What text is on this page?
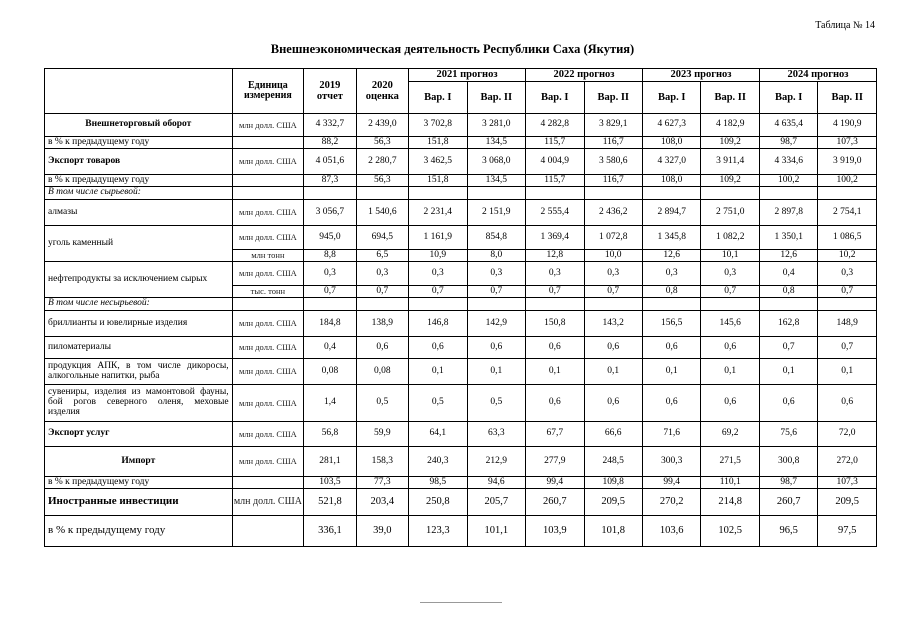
Таблица № 14
Внешнеэкономическая деятельность Республики Саха (Якутия)
	Единица измерения	2019 отчет	2020 оценка	2021 прогноз		2022 прогноз		2023 прогноз		2024 прогноз	
				Вар. I	Вар. II	Вар. I	Вар. II	Вар. I	Вар. II	Вар. I	Вар. II
Внешнеторговый оборот	млн долл. США	4 332,7	2 439,0	3 702,8	3 281,0	4 282,8	3 829,1	4 627,3	4 182,9	4 635,4	4 190,9
в % к предыдущему году		88,2	56,3	151,8	134,5	115,7	116,7	108,0	109,2	98,7	107,3
Экспорт товаров	млн долл. США	4 051,6	2 280,7	3 462,5	3 068,0	4 004,9	3 580,6	4 327,0	3 911,4	4 334,6	3 919,0
в % к предыдущему году		87,3	56,3	151,8	134,5	115,7	116,7	108,0	109,2	100,2	100,2
В том числе сырьевой:											
алмазы	млн долл. США	3 056,7	1 540,6	2 231,4	2 151,9	2 555,4	2 436,2	2 894,7	2 751,0	2 897,8	2 754,1
уголь каменный	млн долл. США	945,0	694,5	1 161,9	854,8	1 369,4	1 072,8	1 345,8	1 082,2	1 350,1	1 086,5
	млн тонн	8,8	6,5	10,9	8,0	12,8	10,0	12,6	10,1	12,6	10,2
нефтепродукты за исключением сырых	млн долл. США	0,3	0,3	0,3	0,3	0,3	0,3	0,3	0,3	0,4	0,3
	тыс. тонн	0,7	0,7	0,7	0,7	0,7	0,7	0,8	0,7	0,8	0,7
В том числе несырьевой:											
бриллианты и ювелирные изделия	млн долл. США	184,8	138,9	146,8	142,9	150,8	143,2	156,5	145,6	162,8	148,9
пиломатериалы	млн долл. США	0,4	0,6	0,6	0,6	0,6	0,6	0,6	0,6	0,7	0,7
продукция АПК, в том числе дикоросы, алкогольные напитки, рыба	млн долл. США	0,08	0,08	0,1	0,1	0,1	0,1	0,1	0,1	0,1	0,1
сувениры, изделия из мамонтовой фауны, бой рогов северного оленя, меховые изделия	млн долл. США	1,4	0,5	0,5	0,5	0,6	0,6	0,6	0,6	0,6	0,6
Экспорт услуг	млн долл. США	56,8	59,9	64,1	63,3	67,7	66,6	71,6	69,2	75,6	72,0
Импорт	млн долл. США	281,1	158,3	240,3	212,9	277,9	248,5	300,3	271,5	300,8	272,0
в % к предыдущему году		103,5	77,3	98,5	94,6	99,4	109,8	99,4	110,1	98,7	107,3
Иностранные инвестиции	млн долл. США	521,8	203,4	250,8	205,7	260,7	209,5	270,2	214,8	260,7	209,5
в % к предыдущему году		336,1	39,0	123,3	101,1	103,9	101,8	103,6	102,5	96,5	97,5
